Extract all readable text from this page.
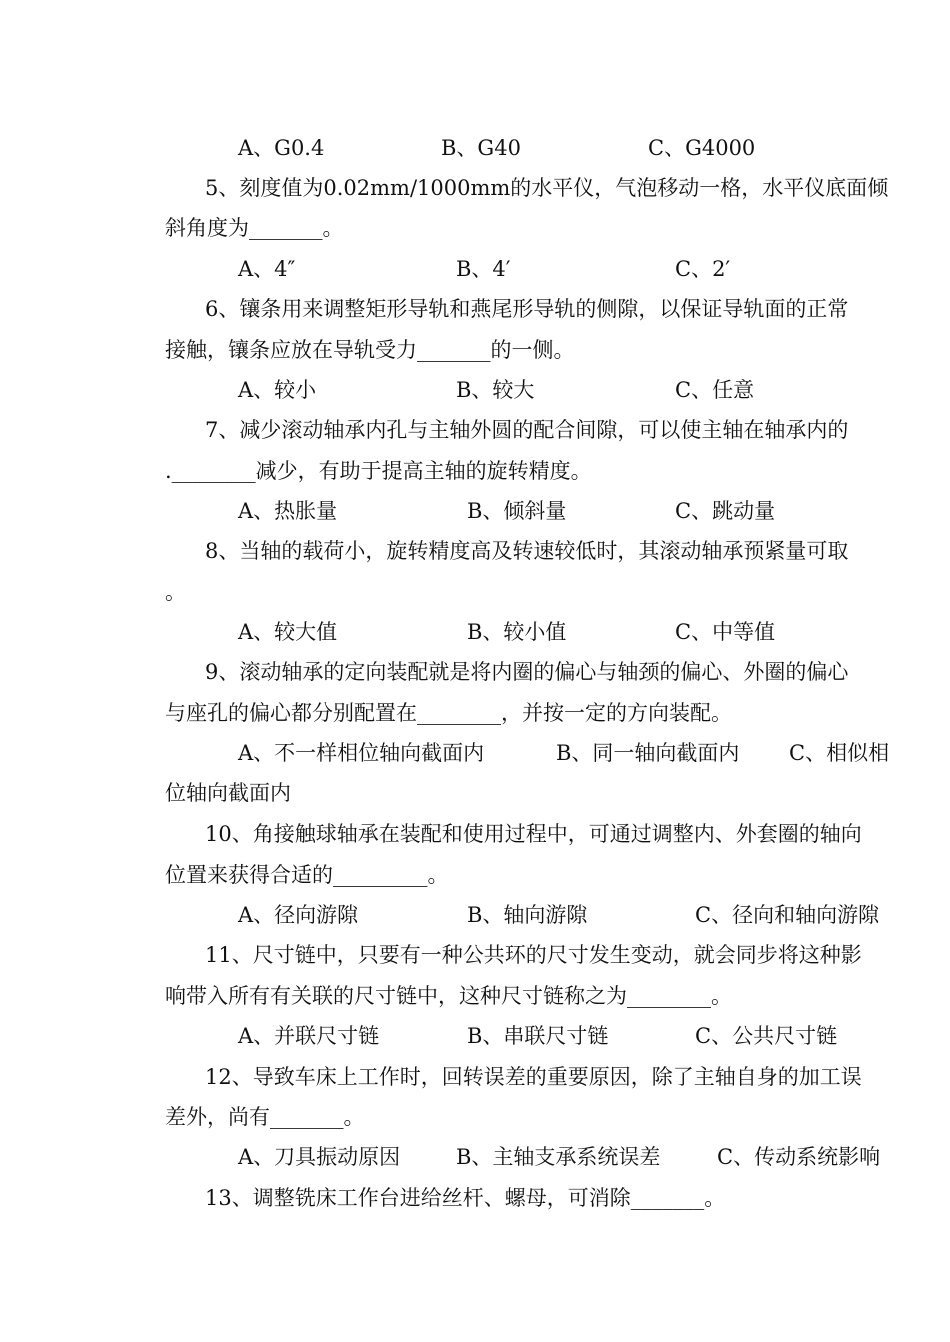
A、G0.4	B、G40	C、G4000
5、刻度值为0.02mm/1000mm的水平仪，气泡移动一格，水平仪底面倾
斜角度为_______。
A、4″	B、4′	C、2′
6、镶条用来调整矩形导轨和燕尾形导轨的侧隙，以保证导轨面的正常
接触，镶条应放在导轨受力_______的一侧。
A、较小	B、较大	C、任意
7、减少滚动轴承内孔与主轴外圆的配合间隙，可以使主轴在轴承内的
.________减少，有助于提高主轴的旋转精度。
A、热胀量	B、倾斜量	C、跳动量
8、当轴的载荷小，旋转精度高及转速较低时，其滚动轴承预紧量可取
。
A、较大值	B、较小值	C、中等值
9、滚动轴承的定向装配就是将内圈的偏心与轴颈的偏心、外圈的偏心
与座孔的偏心都分别配置在________，并按一定的方向装配。
A、不一样相位轴向截面内	B、同一轴向截面内 C、相似相
位轴向截面内
10、角接触球轴承在装配和使用过程中，可通过调整内、外套圈的轴向
位置来获得合适的_________。
A、径向游隙	B、轴向游隙	C、径向和轴向游隙
11、尺寸链中，只要有一种公共环的尺寸发生变动，就会同步将这种影
响带入所有有关联的尺寸链中，这种尺寸链称之为________。
A、并联尺寸链	B、串联尺寸链	C、公共尺寸链
12、导致车床上工作时，回转误差的重要原因，除了主轴自身的加工误
差外，尚有_______。
A、刀具振动原因	B、主轴支承系统误差	C、传动系统影响
13、调整铣床工作台进给丝杆、螺母，可消除_______。
